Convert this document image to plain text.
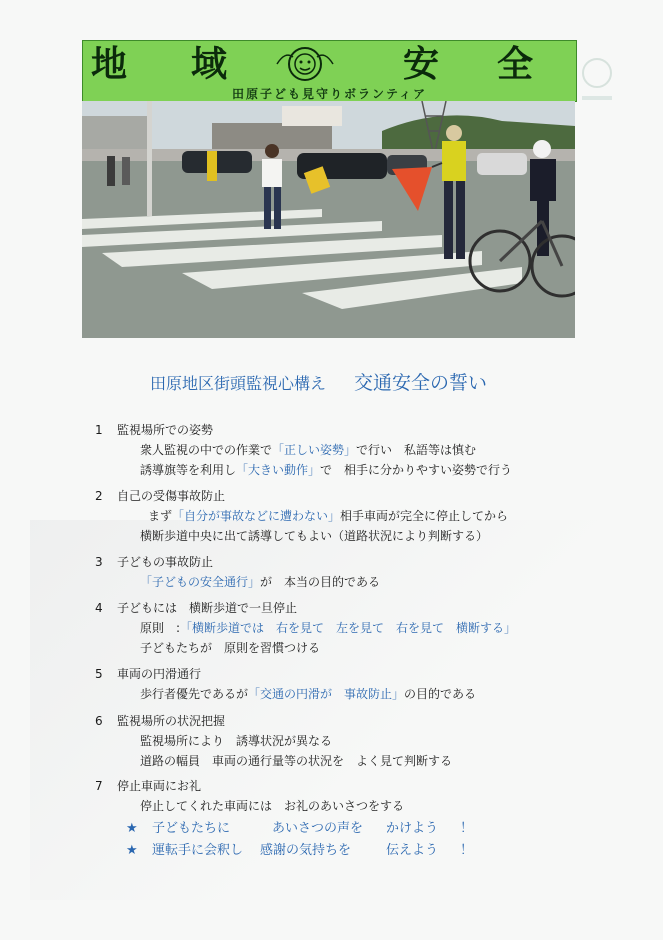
地 域	安 全
田原子ども見守りボランティア
田原地区街頭監視心構え 交通安全の誓い
1 監視場所での姿勢
衆人監視の中での作業で「正しい姿勢」で行い　私語等は慎む
誘導旗等を利用し「大きい動作」で　相手に分かりやすい姿勢で行う
2 自己の受傷事故防止
まず「自分が事故などに遭わない」相手車両が完全に停止してから
横断歩道中央に出て誘導してもよい（道路状況により判断する）
3 子どもの事故防止
「子どもの安全通行」が　本当の目的である
4 子どもには　横断歩道で一旦停止
原則　:「横断歩道では　右を見て　左を見て　右を見て　横断する」
子どもたちが　原則を習慣つける
5 車両の円滑通行
歩行者優先であるが「交通の円滑が　事故防止」の目的である
6 監視場所の状況把握
監視場所により　誘導状況が異なる
道路の幅員　車両の通行量等の状況を　よく見て判断する
7 停止車両にお礼
停止してくれた車両には　お礼のあいさつをする
★ 子どもたちに	あいさつの声を かけよう ！
★ 運転手に会釈し 感謝の気持ちを	伝えよう ！
